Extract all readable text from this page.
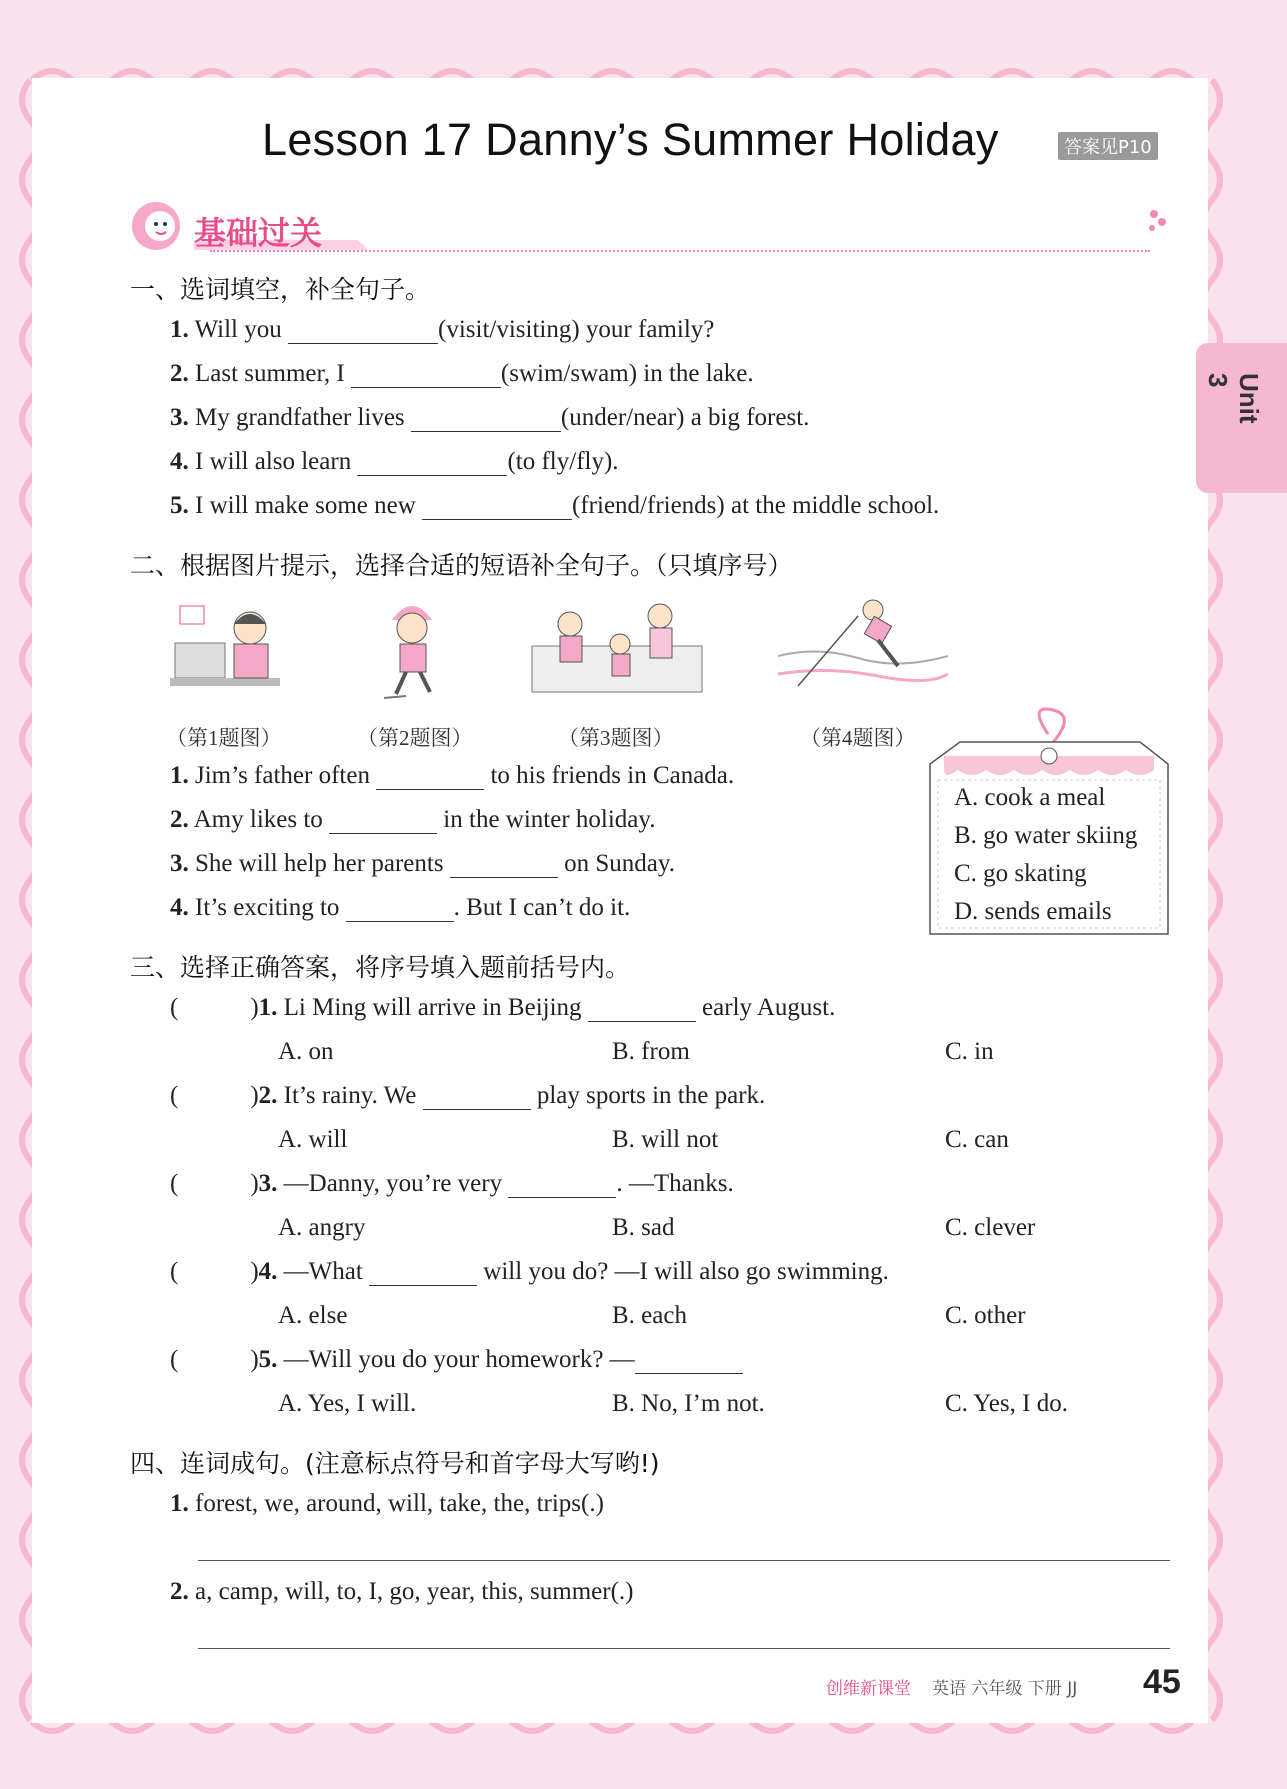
Lesson 17 Danny’s Summer Holiday	答案见P10
Unit 3
基础过关
一、选词填空，补全句子。
1. Will you	(visit/visiting) your family?
2. Last summer, I	(swim/swam) in the lake.
3. My grandfather lives	(under/near) a big forest.
4. I will also learn	(to fly/fly).
5. I will make some new	(friend/friends) at the middle school.
二、根据图片提示，选择合适的短语补全句子。（只填序号）
（第1题图）	（第2题图）	（第3题图）	（第4题图）
1. Jim’s father often	to his friends in Canada.
2. Amy likes to	in the winter holiday.
3. She will help her parents	on Sunday.
4. It’s exciting to	. But I can’t do it.
A. cook a meal
B. go water skiing
C. go skating
D. sends emails
三、选择正确答案，将序号填入题前括号内。
(	)1. Li Ming will arrive in Beijing	early August.
A. on	B. from	C. in
(	)2. It’s rainy. We	play sports in the park.
A. will	B. will not	C. can
(	)3. —Danny, you’re very	. —Thanks.
A. angry	B. sad	C. clever
(	)4. —What	will you do? —I will also go swimming.
A. else	B. each	C. other
(	)5. —Will you do your homework? —
A. Yes, I will.	B. No, I’m not.	C. Yes, I do.
四、连词成句。(注意标点符号和首字母大写哟!)
1. forest, we, around, will, take, the, trips(.)
2. a, camp, will, to, I, go, year, this, summer(.)
创维新课堂 英语 六年级 下册 JJ 45
